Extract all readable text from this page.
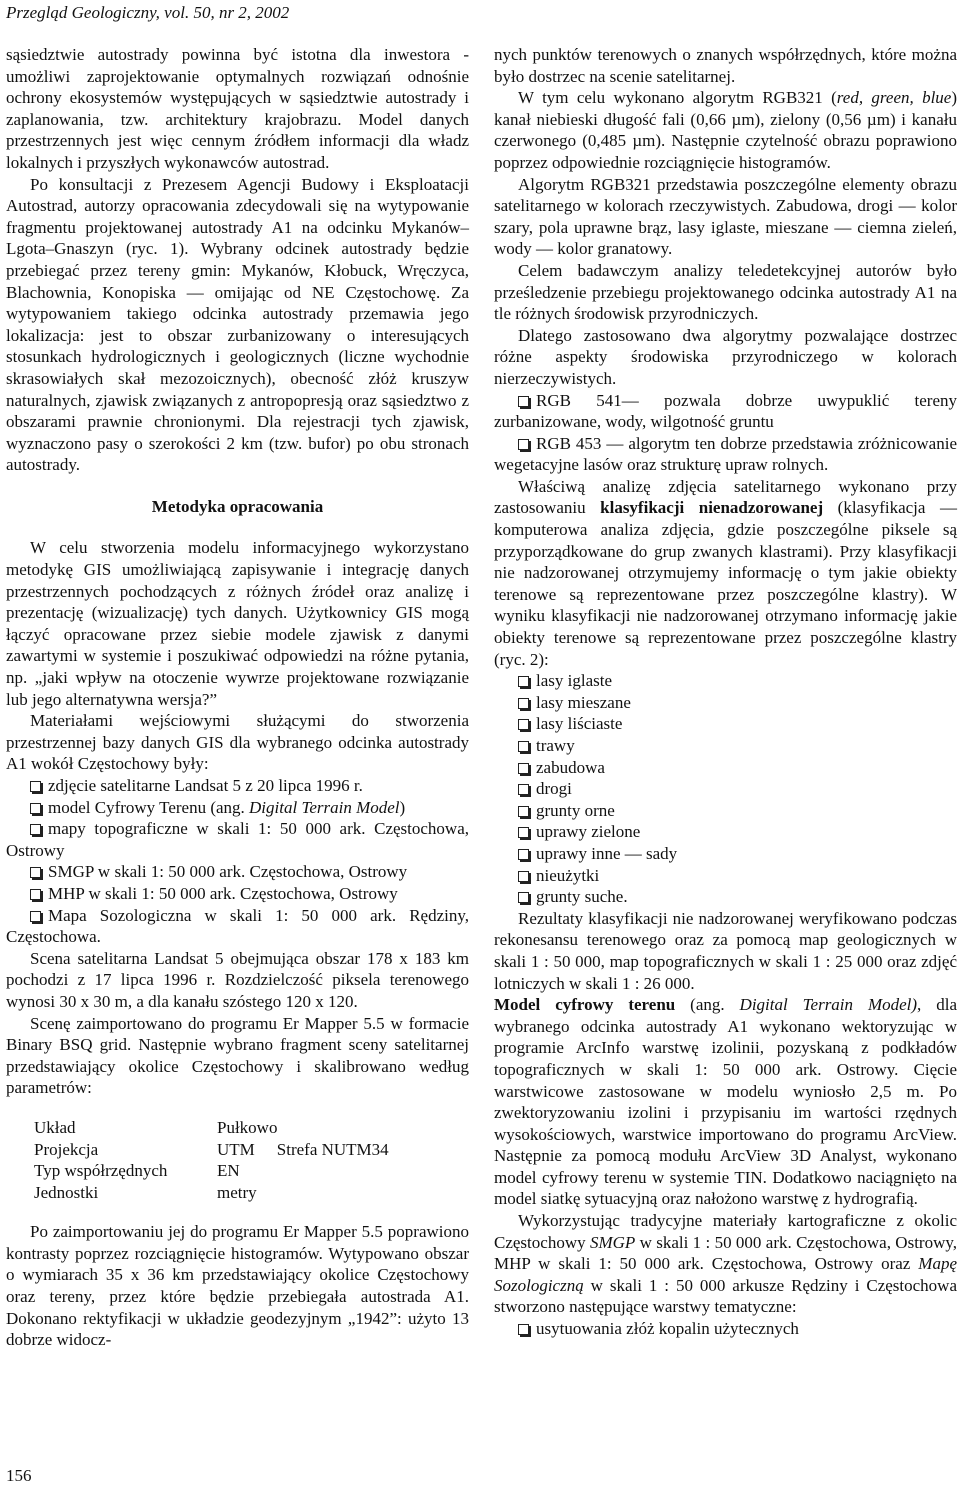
Przegląd Geologiczny, vol. 50, nr 2, 2002

sąsiedztwie autostrady powinna być istotna dla inwestora - umożliwi zaprojektowanie optymalnych rozwiązań odnośnie ochrony ekosystemów występujących w sąsiedztwie autostrady i zaplanowania, tzw. architektury krajobrazu. Model danych przestrzennych jest więc cennym źródłem informacji dla władz lokalnych i przyszłych wykonawców autostrad.

Po konsultacji z Prezesem Agencji Budowy i Eksploatacji Autostrad, autorzy opracowania zdecydowali się na wytypowanie fragmentu projektowanej autostrady A1 na odcinku Mykanów–Lgota–Gnaszyn (ryc. 1). Wybrany odcinek autostrady będzie przebiegać przez tereny gmin: Mykanów, Kłobuck, Wręczyca, Blachownia, Konopiska — omijając od NE Częstochowę. Za wytypowaniem takiego odcinka autostrady przemawia jego lokalizacja: jest to obszar zurbanizowany o interesujących stosunkach hydrologicznych i geologicznych (liczne wychodnie skrasowiałych skał mezozoicznych), obecność złóż kruszyw naturalnych, zjawisk związanych z antropopresją oraz sąsiedztwo z obszarami prawnie chronionymi. Dla rejestracji tych zjawisk, wyznaczono pasy o szerokości 2 km (tzw. bufor) po obu stronach autostrady.

Metodyka opracowania

W celu stworzenia modelu informacyjnego wykorzystano metodykę GIS umożliwiającą zapisywanie i integrację danych przestrzennych pochodzących z różnych źródeł oraz analizę i prezentację (wizualizację) tych danych. Użytkownicy GIS mogą łączyć opracowane przez siebie modele zjawisk z danymi zawartymi w systemie i poszukiwać odpowiedzi na różne pytania, np. „jaki wpływ na otoczenie wywrze projektowane rozwiązanie lub jego alternatywna wersja?”

Materiałami wejściowymi służącymi do stworzenia przestrzennej bazy danych GIS dla wybranego odcinka autostrady A1 wokół Częstochowy były:

zdjęcie satelitarne Landsat 5 z 20 lipca 1996 r.
model Cyfrowy Terenu (ang. Digital Terrain Model)
mapy topograficzne w skali 1: 50 000 ark. Częstochowa, Ostrowy
SMGP w skali 1: 50 000 ark. Częstochowa, Ostrowy
MHP w skali 1: 50 000 ark. Częstochowa, Ostrowy
Mapa Sozologiczna w skali 1: 50 000 ark. Rędziny, Częstochowa.

Scena satelitarna Landsat 5 obejmująca obszar 178 x 183 km pochodzi z 17 lipca 1996 r. Rozdzielczość piksela terenowego wynosi 30 x 30 m, a dla kanału szóstego 120 x 120.

Scenę zaimportowano do programu Er Mapper 5.5 w formacie Binary BSQ grid. Następnie wybrano fragment sceny satelitarnej przedstawiający okolice Częstochowy i skalibrowano według parametrów:

Układ	Pułkowo
Projekcja	UTM Strefa NUTM34
Typ współrzędnych	EN
Jednostki	metry

Po zaimportowaniu jej do programu Er Mapper 5.5 poprawiono kontrasty poprzez rozciągnięcie histogramów. Wytypowano obszar o wymiarach 35 x 36 km przedstawiający okolice Częstochowy oraz tereny, przez które będzie przebiegała autostrada A1. Dokonano rektyfikacji w układzie geodezyjnym „1942”: użyto 13 dobrze widocz-

nych punktów terenowych o znanych współrzędnych, które można było dostrzec na scenie satelitarnej.

W tym celu wykonano algorytm RGB321 (red, green, blue) kanał niebieski długość fali (0,66 µm), zielony (0,56 µm) i kanału czerwonego (0,485 µm). Następnie czytelność obrazu poprawiono poprzez odpowiednie rozciągnięcie histogramów.

Algorytm RGB321 przedstawia poszczególne elementy obrazu satelitarnego w kolorach rzeczywistych. Zabudowa, drogi — kolor szary, pola uprawne brąz, lasy iglaste, mieszane — ciemna zieleń, wody — kolor granatowy.

Celem badawczym analizy teledetekcyjnej autorów było prześledzenie przebiegu projektowanego odcinka autostrady A1 na tle różnych środowisk przyrodniczych.

Dlatego zastosowano dwa algorytmy pozwalające dostrzec różne aspekty środowiska przyrodniczego w kolorach nierzeczywistych.

RGB 541— pozwala dobrze uwypuklić tereny zurbanizowane, wody, wilgotność gruntu
RGB 453 — algorytm ten dobrze przedstawia zróżnicowanie wegetacyjne lasów oraz strukturę upraw rolnych.

Właściwą analizę zdjęcia satelitarnego wykonano przy zastosowaniu klasyfikacji nienadzorowanej (klasyfikacja — komputerowa analiza zdjęcia, gdzie poszczególne piksele są przyporządkowane do grup zwanych klastrami). Przy klasyfikacji nie nadzorowanej otrzymujemy informację o tym jakie obiekty terenowe są reprezentowane przez poszczególne klastry). W wyniku klasyfikacji nie nadzorowanej otrzymano informację jakie obiekty terenowe są reprezentowane przez poszczególne klastry (ryc. 2):

lasy iglaste
lasy mieszane
lasy liściaste
trawy
zabudowa
drogi
grunty orne
uprawy zielone
uprawy inne — sady
nieużytki
grunty suche.

Rezultaty klasyfikacji nie nadzorowanej weryfikowano podczas rekonesansu terenowego oraz za pomocą map geologicznych w skali 1 : 50 000, map topograficznych w skali 1 : 25 000 oraz zdjęć lotniczych w skali 1 : 26 000.

Model cyfrowy terenu (ang. Digital Terrain Model), dla wybranego odcinka autostrady A1 wykonano wektoryzując w programie ArcInfo warstwę izolinii, pozyskaną z podkładów topograficznych w skali 1: 50 000 ark. Ostrowy. Cięcie warstwicowe zastosowane w modelu wyniosło 2,5 m. Po zwektoryzowaniu izolini i przypisaniu im wartości rzędnych wysokościowych, warstwice importowano do programu ArcView. Następnie za pomocą modułu ArcView 3D Analyst, wykonano model cyfrowy terenu w systemie TIN. Dodatkowo naciągnięto na model siatkę sytuacyjną oraz nałożono warstwę z hydrografią.

Wykorzystując tradycyjne materiały kartograficzne z okolic Częstochowy SMGP w skali 1 : 50 000 ark. Częstochowa, Ostrowy, MHP w skali 1: 50 000 ark. Częstochowa, Ostrowy oraz Mapę Sozologiczną w skali 1 : 50 000 arkusze Rędziny i Częstochowa stworzono następujące warstwy tematyczne:

usytuowania złóż kopalin użytecznych
156
